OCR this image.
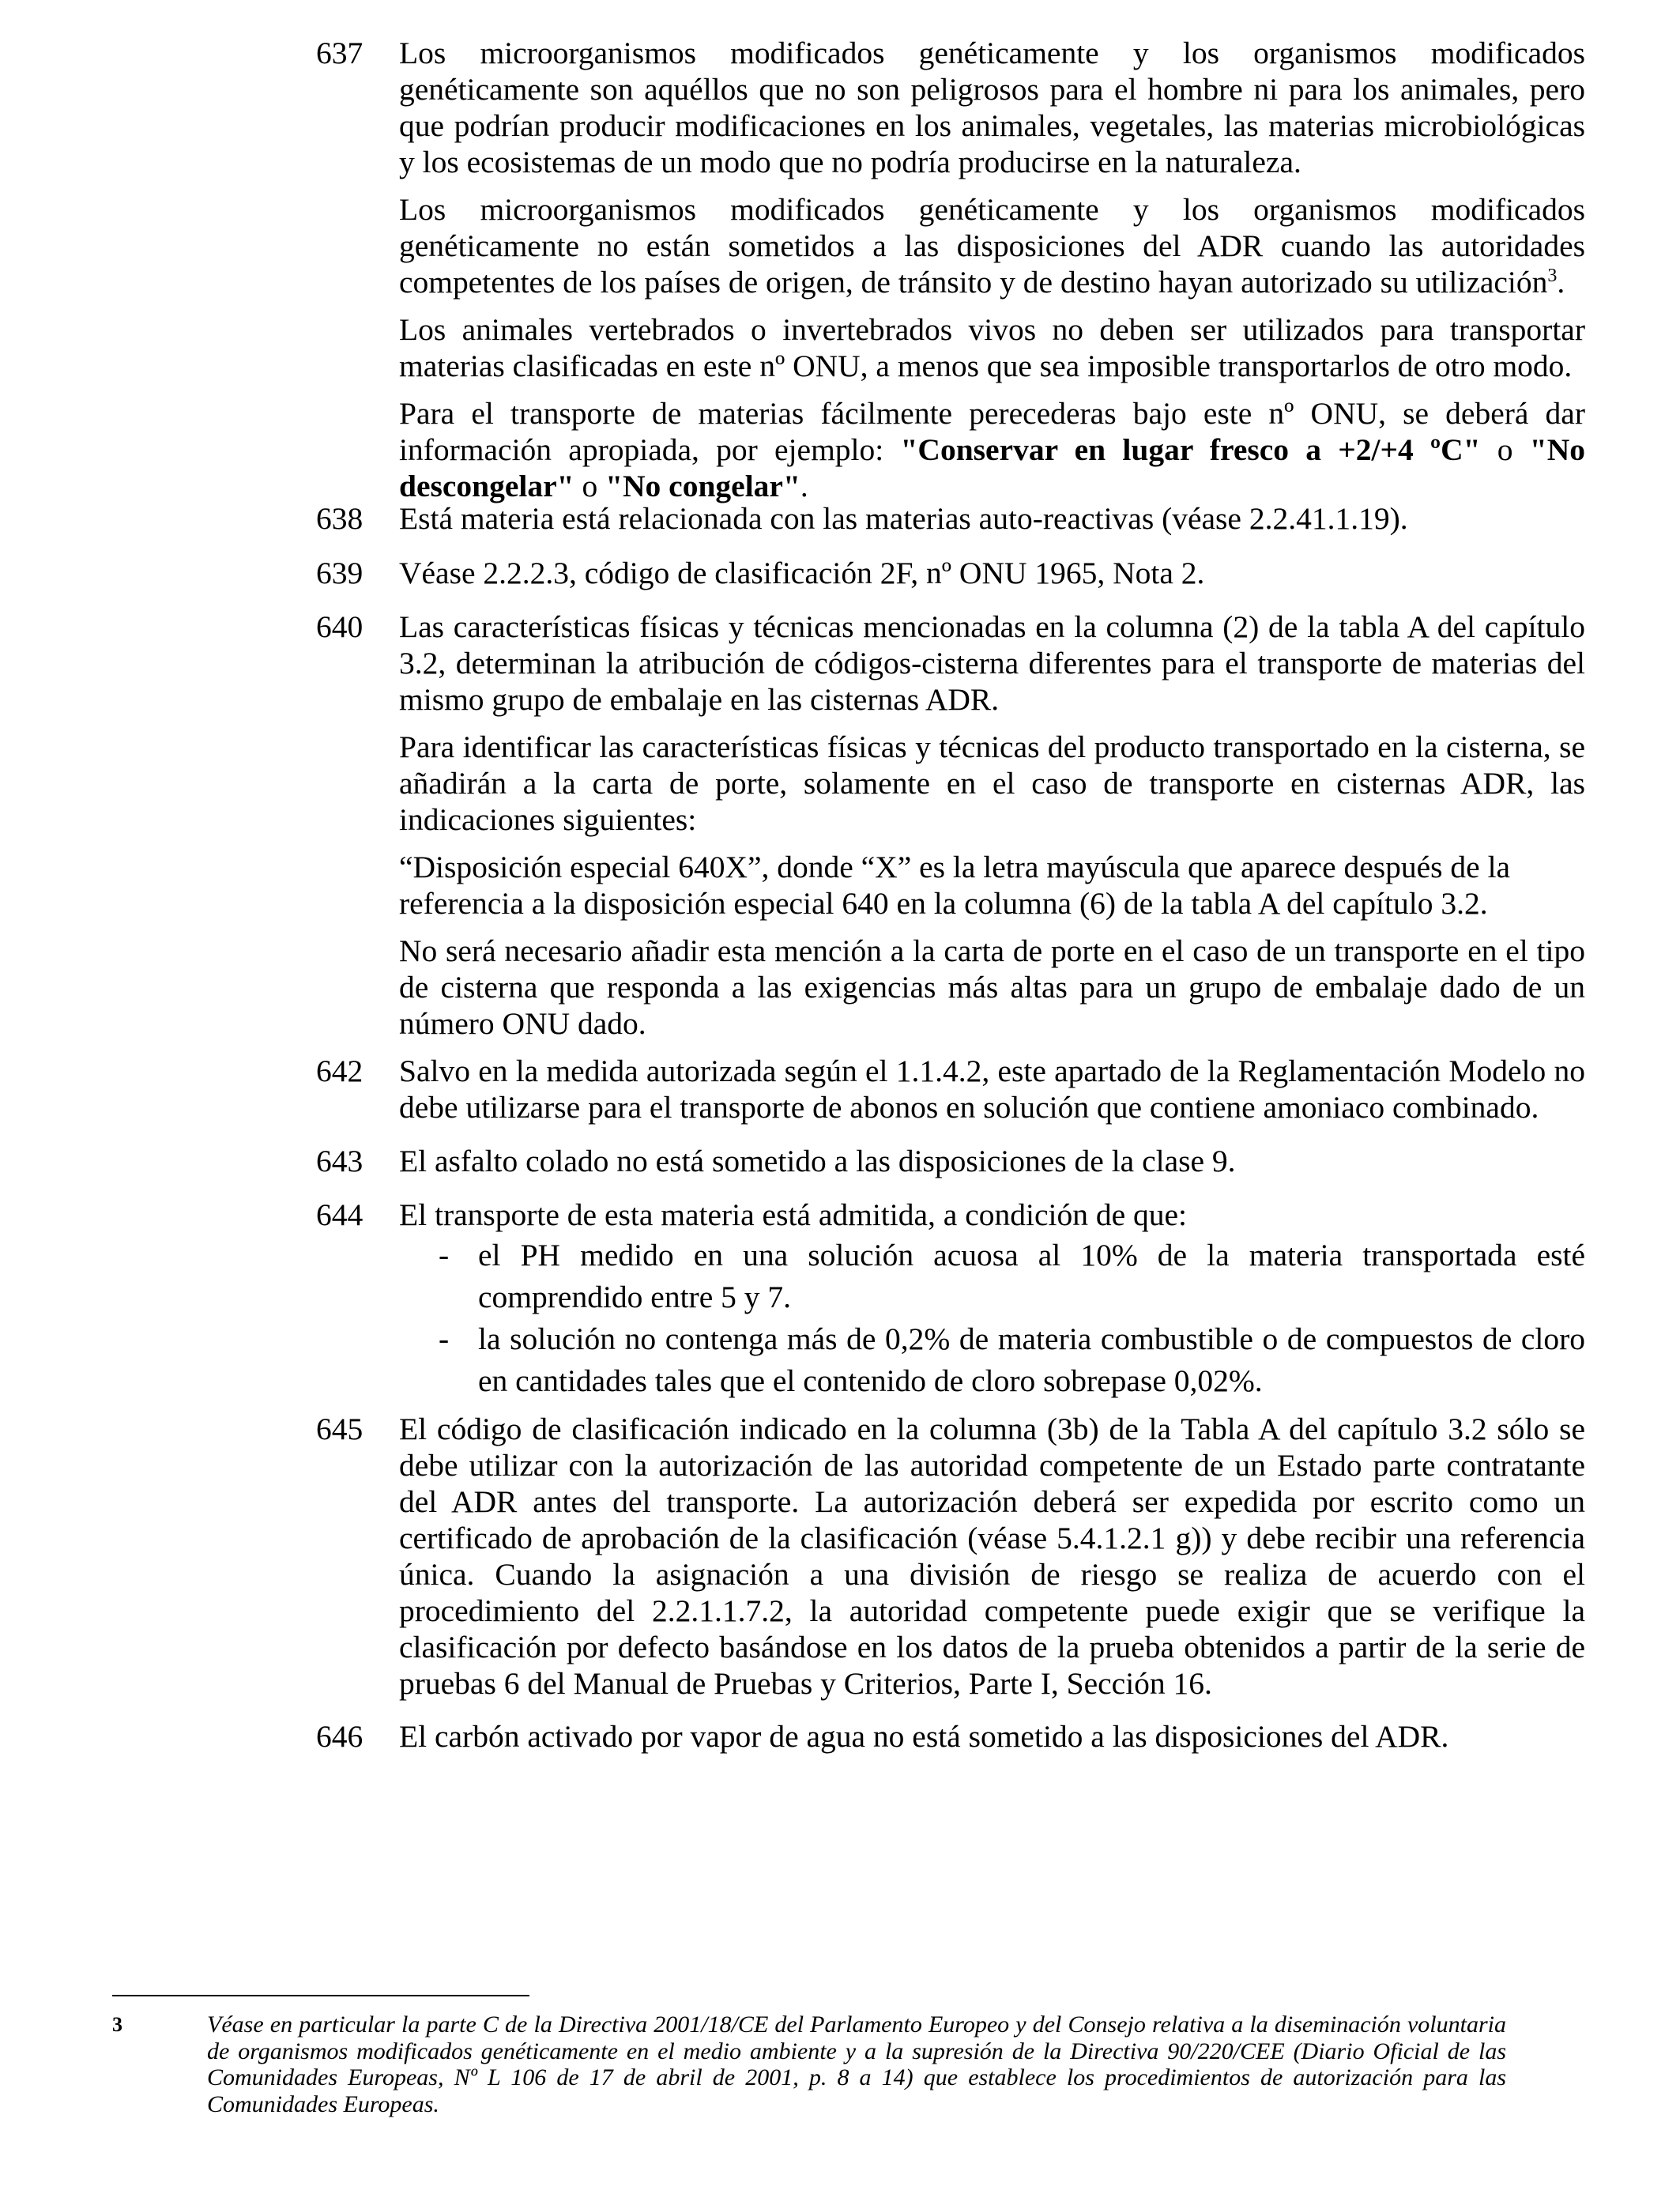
637	Los microorganismos modificados genéticamente y los organismos modificados genéticamente son aquéllos que no son peligrosos para el hombre ni para los animales, pero que podrían producir modificaciones en los animales, vegetales, las materias microbiológicas y los ecosistemas de un modo que no podría producirse en la naturaleza.
Los microorganismos modificados genéticamente y los organismos modificados genéticamente no están sometidos a las disposiciones del ADR cuando las autoridades competentes de los países de origen, de tránsito y de destino hayan autorizado su utilización$^3$.
Los animales vertebrados o invertebrados vivos no deben ser utilizados para transportar materias clasificadas en este nº ONU, a menos que sea imposible transportarlos de otro modo.
Para el transporte de materias fácilmente perecederas bajo este nº ONU, se deberá dar información apropiada, por ejemplo: "Conservar en lugar fresco a +2/+4 ºC" o "No descongelar" o "No congelar".
638	Está materia está relacionada con las materias auto-reactivas (véase 2.2.41.1.19).
639	Véase 2.2.2.3, código de clasificación 2F, nº ONU 1965, Nota 2.
640	Las características físicas y técnicas mencionadas en la columna (2) de la tabla A del capítulo 3.2, determinan la atribución de códigos-cisterna diferentes para el transporte de materias del mismo grupo de embalaje en las cisternas ADR.
Para identificar las características físicas y técnicas del producto transportado en la cisterna, se añadirán a la carta de porte, solamente en el caso de transporte en cisternas ADR, las indicaciones siguientes:
“Disposición especial 640X”, donde “X” es la letra mayúscula que aparece después de la referencia a la disposición especial 640 en la columna (6) de la tabla A del capítulo 3.2.
No será necesario añadir esta mención a la carta de porte en el caso de un transporte en el tipo de cisterna que responda a las exigencias más altas para un grupo de embalaje dado de un número ONU dado.
642	Salvo en la medida autorizada según el 1.1.4.2, este apartado de la Reglamentación Modelo no debe utilizarse para el transporte de abonos en solución que contiene amoniaco combinado.
643	El asfalto colado no está sometido a las disposiciones de la clase 9.
644	El transporte de esta materia está admitida, a condición de que:
- el PH medido en una solución acuosa al 10% de la materia transportada esté comprendido entre 5 y 7.
- la solución no contenga más de 0,2% de materia combustible o de compuestos de cloro en cantidades tales que el contenido de cloro sobrepase 0,02%.
645	El código de clasificación indicado en la columna (3b) de la Tabla A del capítulo 3.2 sólo se debe utilizar con la autorización de las autoridad competente de un Estado parte contratante del ADR antes del transporte. La autorización deberá ser expedida por escrito como un certificado de aprobación de la clasificación (véase 5.4.1.2.1 g)) y debe recibir una referencia única. Cuando la asignación a una división de riesgo se realiza de acuerdo con el procedimiento del 2.2.1.1.7.2, la autoridad competente puede exigir que se verifique la clasificación por defecto basándose en los datos de la prueba obtenidos a partir de la serie de pruebas 6 del Manual de Pruebas y Criterios, Parte I, Sección 16.
646	El carbón activado por vapor de agua no está sometido a las disposiciones del ADR.
3	Véase en particular la parte C de la Directiva 2001/18/CE del Parlamento Europeo y del Consejo relativa a la diseminación voluntaria de organismos modificados genéticamente en el medio ambiente y a la supresión de la Directiva 90/220/CEE (Diario Oficial de las Comunidades Europeas, Nº L 106 de 17 de abril de 2001, p. 8 a 14) que establece los procedimientos de autorización para las Comunidades Europeas.
